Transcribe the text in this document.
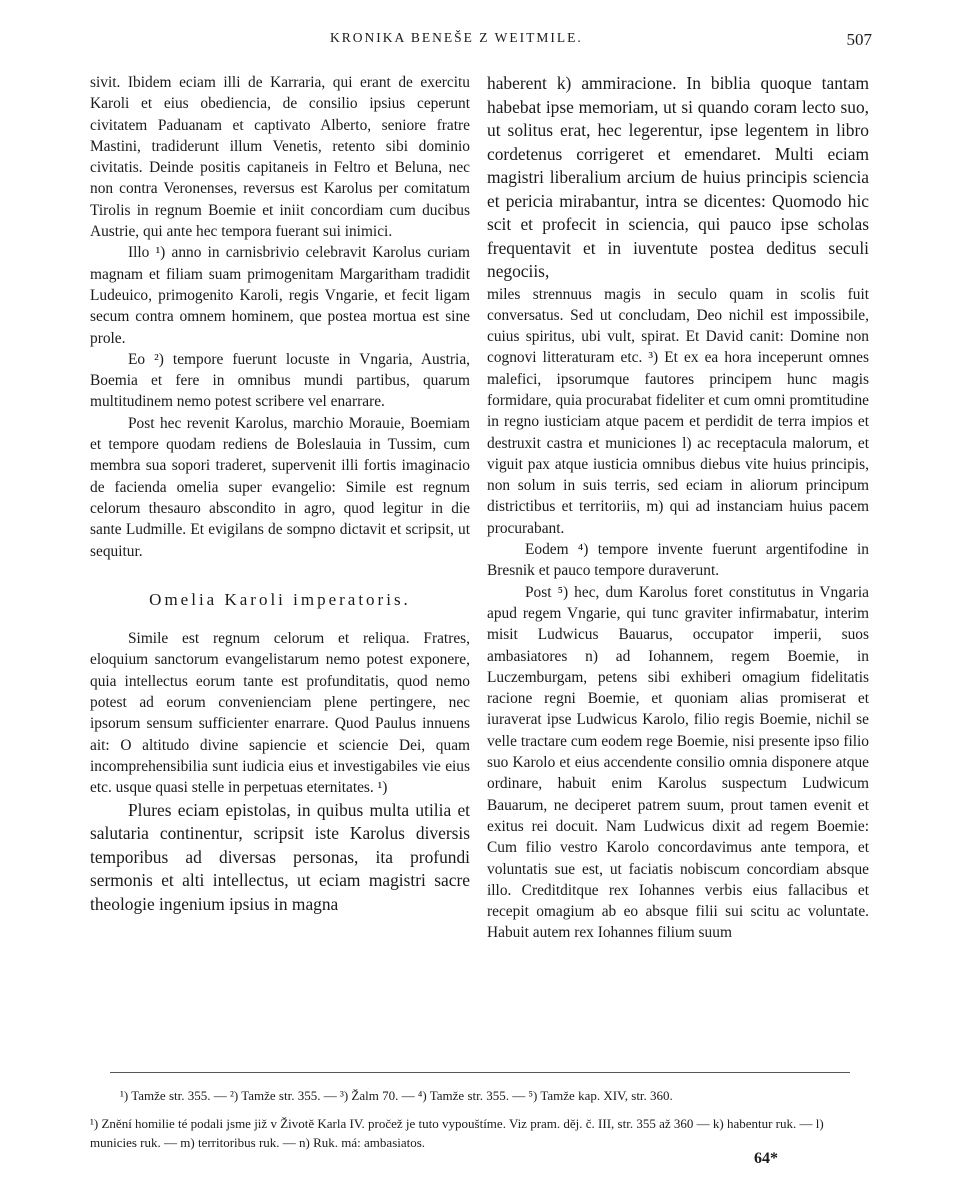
KRONIKA BENEŠE Z WEITMILE.	507

sivit. Ibidem eciam illi de Karraria, qui erant de exercitu Karoli et eius obediencia, de consilio ipsius ceperunt civitatem Paduanam et captivato Alberto, seniore fratre Mastini, tradiderunt illum Venetis, retento sibi dominio civitatis. Deinde positis capitaneis in Feltro et Beluna, nec non contra Veronenses, reversus est Karolus per comitatum Tirolis in regnum Boemie et iniit concordiam cum ducibus Austrie, qui ante hec tempora fuerant sui inimici.

Illo ¹) anno in carnisbrivio celebravit Karolus curiam magnam et filiam suam primogenitam Margaritham tradidit Ludeuico, primogenito Karoli, regis Vngarie, et fecit ligam secum contra omnem hominem, que postea mortua est sine prole.

Eo ²) tempore fuerunt locuste in Vngaria, Austria, Boemia et fere in omnibus mundi partibus, quarum multitudinem nemo potest scribere vel enarrare.

Post hec revenit Karolus, marchio Morauie, Boemiam et tempore quodam rediens de Boleslauia in Tussim, cum membra sua sopori traderet, supervenit illi fortis imaginacio de facienda omelia super evangelio: Simile est regnum celorum thesauro abscondito in agro, quod legitur in die sante Ludmille. Et evigilans de sompno dictavit et scripsit, ut sequitur.

Omelia Karoli imperatoris.

Simile est regnum celorum et reliqua. Fratres, eloquium sanctorum evangelistarum nemo potest exponere, quia intellectus eorum tante est profunditatis, quod nemo potest ad eorum convenienciam plene pertingere, nec ipsorum sensum sufficienter enarrare. Quod Paulus innuens ait: O altitudo divine sapiencie et sciencie Dei, quam incomprehensibilia sunt iudicia eius et investigabiles vie eius etc. usque quasi stelle in perpetuas eternitates. ¹)

Plures eciam epistolas, in quibus multa utilia et salutaria continentur, scripsit iste Karolus diversis temporibus ad diversas personas, ita profundi sermonis et alti intellectus, ut eciam magistri sacre theologie ingenium ipsius in magna

haberent k) ammiracione. In biblia quoque tantam habebat ipse memoriam, ut si quando coram lecto suo, ut solitus erat, hec legerentur, ipse legentem in libro cordetenus corrigeret et emendaret. Multi eciam magistri liberalium arcium de huius principis sciencia et pericia mirabantur, intra se dicentes: Quomodo hic scit et profecit in sciencia, qui pauco ipse scholas frequentavit et in iuventute postea deditus seculi negociis,

miles strennuus magis in seculo quam in scolis fuit conversatus. Sed ut concludam, Deo nichil est impossibile, cuius spiritus, ubi vult, spirat. Et David canit: Domine non cognovi litteraturam etc. ³) Et ex ea hora inceperunt omnes malefici, ipsorumque fautores principem hunc magis formidare, quia procurabat fideliter et cum omni promtitudine in regno iusticiam atque pacem et perdidit de terra impios et destruxit castra et municiones l) ac receptacula malorum, et viguit pax atque iusticia omnibus diebus vite huius principis, non solum in suis terris, sed eciam in aliorum principum districtibus et territoriis, m) qui ad instanciam huius pacem procurabant.

Eodem ⁴) tempore invente fuerunt argentifodine in Bresnik et pauco tempore duraverunt.

Post ⁵) hec, dum Karolus foret constitutus in Vngaria apud regem Vngarie, qui tunc graviter infirmabatur, interim misit Ludwicus Bauarus, occupator imperii, suos ambasiatores n) ad Iohannem, regem Boemie, in Luczemburgam, petens sibi exhiberi omagium fidelitatis racione regni Boemie, et quoniam alias promiserat et iuraverat ipse Ludwicus Karolo, filio regis Boemie, nichil se velle tractare cum eodem rege Boemie, nisi presente ipso filio suo Karolo et eius accendente consilio omnia disponere atque ordinare, habuit enim Karolus suspectum Ludwicum Bauarum, ne deciperet patrem suum, prout tamen evenit et exitus rei docuit. Nam Ludwicus dixit ad regem Boemie: Cum filio vestro Karolo concordavimus ante tempora, et voluntatis sue est, ut faciatis nobiscum concordiam absque illo. Creditditque rex Iohannes verbis eius fallacibus et recepit omagium ab eo absque filii sui scitu ac voluntate. Habuit autem rex Iohannes filium suum

¹) Tamže str. 355. — ²) Tamže str. 355. — ³) Žalm 70. — ⁴) Tamže str. 355. — ⁵) Tamže kap. XIV, str. 360.
¹) Znění homilie té podali jsme již v Životě Karla IV. pročež je tuto vypouštíme. Viz pram. děj. č. III, str. 355 až 360 — k) habentur ruk. — l) municies ruk. — m) territoribus ruk. — n) Ruk. má: ambasiatos.
64*
